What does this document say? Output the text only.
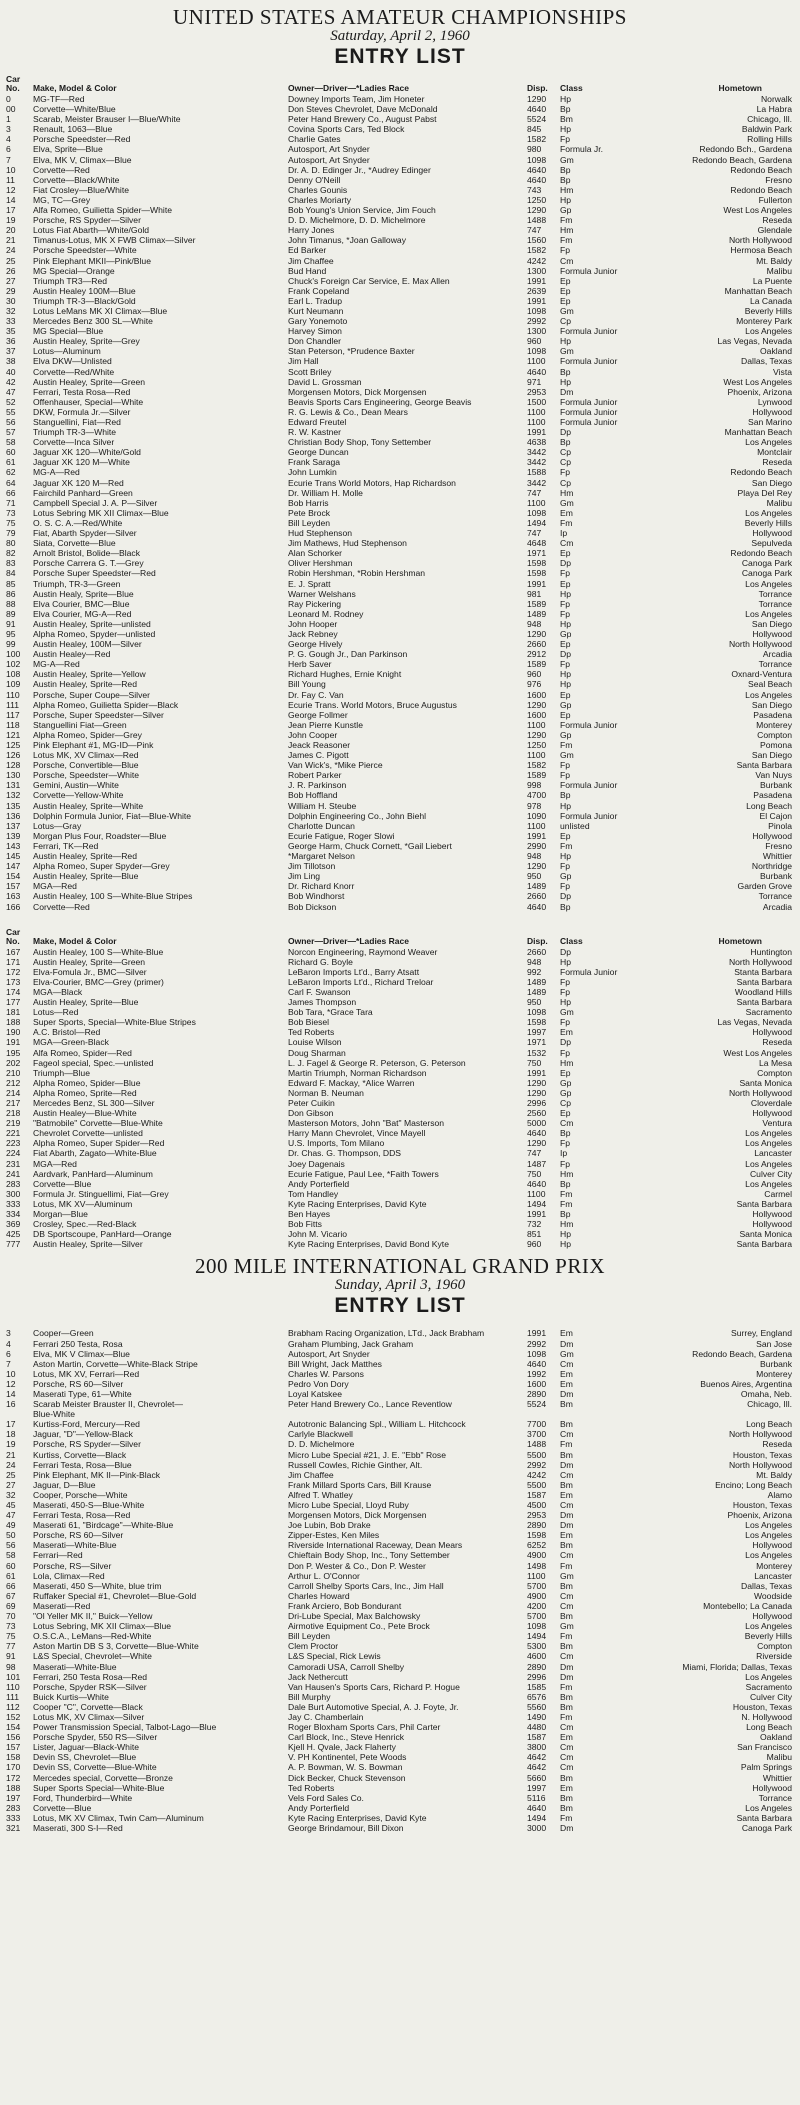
UNITED STATES AMATEUR CHAMPIONSHIPS
Saturday, April 2, 1960
ENTRY LIST
Car
No.	Make, Model & Color	Owner—Driver—*Ladies Race	Disp.	Class	Hometown
0	MG-TF—Red	Downey Imports Team, Jim Honeter	1290	Hp	Norwalk
00	Corvette—White/Blue	Don Steves Chevrolet, Dave McDonald	4640	Bp	La Habra
1	Scarab, Meister Brauser I—Blue/White	Peter Hand Brewery Co., August Pabst	5524	Bm	Chicago, Ill.
3	Renault, 1063—Blue	Covina Sports Cars, Ted Block	845	Hp	Baldwin Park
4	Porsche Speedster—Red	Charlie Gates	1582	Fp	Rolling Hills
6	Elva, Sprite—Blue	Autosport, Art Snyder	980	Formula Jr.	Redondo Bch., Gardena
7	Elva, MK V, Climax—Blue	Autosport, Art Snyder	1098	Gm	Redondo Beach, Gardena
10	Corvette—Red	Dr. A. D. Edinger Jr., *Audrey Edinger	4640	Bp	Redondo Beach
11	Corvette—Black/White	Denny O'Neill	4640	Bp	Fresno
12	Fiat Crosley—Blue/White	Charles Gounis	743	Hm	Redondo Beach
14	MG, TC—Grey	Charles Moriarty	1250	Hp	Fullerton
17	Alfa Romeo, Guilietta Spider—White	Bob Young's Union Service, Jim Fouch	1290	Gp	West Los Angeles
19	Porsche, RS Spyder—Silver	D. D. Michelmore, D. D. Michelmore	1488	Fm	Reseda
20	Lotus Fiat Abarth—White/Gold	Harry Jones	747	Hm	Glendale
21	Timanus-Lotus, MK X FWB Climax—Silver	John Timanus, *Joan Galloway	1560	Fm	North Hollywood
24	Porsche Speedster—White	Ed Barker	1582	Fp	Hermosa Beach
25	Pink Elephant MKII—Pink/Blue	Jim Chaffee	4242	Cm	Mt. Baldy
26	MG Special—Orange	Bud Hand	1300	Formula Junior	Malibu
27	Triumph TR3—Red	Chuck's Foreign Car Service, E. Max Allen	1991	Ep	La Puente
29	Austin Healey 100M—Blue	Frank Copeland	2639	Ep	Manhattan Beach
30	Triumph TR-3—Black/Gold	Earl L. Tradup	1991	Ep	La Canada
32	Lotus LeMans MK XI Climax—Blue	Kurt Neumann	1098	Gm	Beverly Hills
33	Mercedes Benz 300 SL—White	Gary Yonemoto	2992	Cp	Monterey Park
35	MG Special—Blue	Harvey Simon	1300	Formula Junior	Los Angeles
36	Austin Healey, Sprite—Grey	Don Chandler	960	Hp	Las Vegas, Nevada
37	Lotus—Aluminum	Stan Peterson, *Prudence Baxter	1098	Gm	Oakland
38	Elva DKW—Unlisted	Jim Hall	1100	Formula Junior	Dallas, Texas
40	Corvette—Red/White	Scott Briley	4640	Bp	Vista
42	Austin Healey, Sprite—Green	David L. Grossman	971	Hp	West Los Angeles
47	Ferrari, Testa Rosa—Red	Morgensen Motors, Dick Morgensen	2953	Dm	Phoenix, Arizona
52	Offenhauser, Special—White	Beavis Sports Cars Engineering, George Beavis	1500	Formula Junior	Lynwood
55	DKW, Formula Jr.—Silver	R. G. Lewis & Co., Dean Mears	1100	Formula Junior	Hollywood
56	Stanguellini, Fiat—Red	Edward Freutel	1100	Formula Junior	San Marino
57	Triumph TR-3—White	R. W. Kastner	1991	Dp	Manhattan Beach
58	Corvette—Inca Silver	Christian Body Shop, Tony Settember	4638	Bp	Los Angeles
60	Jaguar XK 120—White/Gold	George Duncan	3442	Cp	Montclair
61	Jaguar XK 120 M—White	Frank Saraga	3442	Cp	Reseda
62	MG-A—Red	John Lumkin	1588	Fp	Redondo Beach
64	Jaguar XK 120 M—Red	Ecurie Trans World Motors, Hap Richardson	3442	Cp	San Diego
66	Fairchild Panhard—Green	Dr. William H. Molle	747	Hm	Playa Del Rey
71	Campbell Special J. A. P—Silver	Bob Harris	1100	Gm	Malibu
73	Lotus Sebring MK XII Climax—Blue	Pete Brock	1098	Em	Los Angeles
75	O. S. C. A.—Red/White	Bill Leyden	1494	Fm	Beverly Hills
79	Fiat, Abarth Spyder—Silver	Hud Stephenson	747	Ip	Hollywood
80	Siata, Corvette—Blue	Jim Mathews, Hud Stephenson	4648	Cm	Sepulveda
82	Arnolt Bristol, Bolide—Black	Alan Schorker	1971	Ep	Redondo Beach
83	Porsche Carrera G. T.—Grey	Oliver Hershman	1598	Dp	Canoga Park
84	Porsche Super Speedster—Red	Robin Hershman, *Robin Hershman	1598	Fp	Canoga Park
85	Triumph, TR-3—Green	E. J. Spratt	1991	Ep	Los Angeles
86	Austin Healy, Sprite—Blue	Warner Welshans	981	Hp	Torrance
88	Elva Courier, BMC—Blue	Ray Pickering	1589	Fp	Torrance
89	Elva Courier, MG-A—Red	Leonard M. Rodney	1489	Fp	Los Angeles
91	Austin Healey, Sprite—unlisted	John Hooper	948	Hp	San Diego
95	Alpha Romeo, Spyder—unlisted	Jack Rebney	1290	Gp	Hollywood
99	Austin Healey, 100M—Silver	George Hively	2660	Ep	North Hollywood
100	Austin Healey—Red	P. G. Gough Jr., Dan Parkinson	2912	Dp	Arcadia
102	MG-A—Red	Herb Saver	1589	Fp	Torrance
108	Austin Healey, Sprite—Yellow	Richard Hughes, Ernie Knight	960	Hp	Oxnard-Ventura
109	Austin Healey, Sprite—Red	Bill Young	976	Hp	Seal Beach
110	Porsche, Super Coupe—Silver	Dr. Fay C. Van	1600	Ep	Los Angeles
111	Alpha Romeo, Guilietta Spider—Black	Ecurie Trans. World Motors, Bruce Augustus	1290	Gp	San Diego
117	Porsche, Super Speedster—Silver	George Follmer	1600	Ep	Pasadena
118	Stanguellini Fiat—Green	Jean Pierre Kunstle	1100	Formula Junior	Monterey
121	Alpha Romeo, Spider—Grey	John Cooper	1290	Gp	Compton
125	Pink Elephant #1, MG-ID—Pink	Jeack Reasoner	1250	Fm	Pomona
126	Lotus MK, XV Climax—Red	James C. Pigott	1100	Gm	San Diego
128	Porsche, Convertible—Blue	Van Wick's, *Mike Pierce	1582	Fp	Santa Barbara
130	Porsche, Speedster—White	Robert Parker	1589	Fp	Van Nuys
131	Gemini, Austin—White	J. R. Parkinson	998	Formula Junior	Burbank
132	Corvette—Yellow-White	Bob Hoffland	4700	Bp	Pasadena
135	Austin Healey, Sprite—White	William H. Steube	978	Hp	Long Beach
136	Dolphin Formula Junior, Fiat—Blue-White	Dolphin Engineering Co., John Biehl	1090	Formula Junior	El Cajon
137	Lotus—Gray	Charlotte Duncan	1100	unlisted	Pinola
139	Morgan Plus Four, Roadster—Blue	Ecurie Fatigue, Roger Slowi	1991	Ep	Hollywood
143	Ferrari, TK—Red	George Harm, Chuck Cornett, *Gail Liebert	2990	Fm	Fresno
145	Austin Healey, Sprite—Red	*Margaret Nelson	948	Hp	Whittier
147	Alpha Romeo, Super Spyder—Grey	Jim Tillotson	1290	Fp	Northridge
154	Austin Healey, Sprite—Blue	Jim Ling	950	Gp	Burbank
157	MGA—Red	Dr. Richard Knorr	1489	Fp	Garden Grove
163	Austin Healey, 100 S—White-Blue Stripes	Bob Windhorst	2660	Dp	Torrance
166	Corvette—Red	Bob Dickson	4640	Bp	Arcadia
Car
No.	Make, Model & Color	Owner—Driver—*Ladies Race	Disp.	Class	Hometown
167	Austin Healey, 100 S—White-Blue	Norcon Engineering, Raymond Weaver	2660	Dp	Huntington
171	Austin Healey, Sprite—Green	Richard G. Boyle	948	Hp	North Hollywood
172	Elva-Fomula Jr., BMC—Silver	LeBaron Imports Lt'd., Barry Atsatt	992	Formula Junior	Stanta Barbara
173	Elva-Courier, BMC—Grey (primer)	LeBaron Imports Lt'd., Richard Treloar	1489	Fp	Santa Barbara
174	MGA—Black	Carl F. Swanson	1489	Fp	Woodland Hills
177	Austin Healey, Sprite—Blue	James Thompson	950	Hp	Santa Barbara
181	Lotus—Red	Bob Tara, *Grace Tara	1098	Gm	Sacramento
188	Super Sports, Special—White-Blue Stripes	Bob Biesel	1598	Fp	Las Vegas, Nevada
190	A.C. Bristol—Red	Ted Roberts	1997	Em	Hollywood
191	MGA—Green-Black	Louise Wilson	1971	Dp	Reseda
195	Alfa Romeo, Spider—Red	Doug Sharman	1532	Fp	West Los Angeles
202	Fageol special, Spec.—unlisted	L. J. Fagel & George R. Peterson, G. Peterson	750	Hm	La Mesa
210	Triumph—Blue	Martin Triumph, Norman Richardson	1991	Ep	Compton
212	Alpha Romeo, Spider—Blue	Edward F. Mackay, *Alice Warren	1290	Gp	Santa Monica
214	Alpha Romeo, Sprite—Red	Norman B. Neuman	1290	Gp	North Hollywood
217	Mercedes Benz, SL 300—Silver	Peter Cuikin	2996	Cp	Cloverdale
218	Austin Healey—Blue-White	Don Gibson	2560	Ep	Hollywood
219	"Batmobile" Corvette—Blue-White	Masterson Motors, John "Bat" Masterson	5000	Cm	Ventura
221	Chevrolet Corvette—unlisted	Harry Mann Chevrolet, Vince Mayell	4640	Bp	Los Angeles
223	Alpha Romeo, Super Spider—Red	U.S. Imports, Tom Milano	1290	Fp	Los Angeles
224	Fiat Abarth, Zagato—White-Blue	Dr. Chas. G. Thompson, DDS	747	Ip	Lancaster
231	MGA—Red	Joey Dagenais	1487	Fp	Los Angeles
241	Aardvark, PanHard—Aluminum	Ecurie Fatigue, Paul Lee, *Faith Towers	750	Hm	Culver City
283	Corvette—Blue	Andy Porterfield	4640	Bp	Los Angeles
300	Formula Jr. Stinguellimi, Fiat—Grey	Tom Handley	1100	Fm	Carmel
333	Lotus, MK XV—Aluminum	Kyte Racing Enterprises, David Kyte	1494	Fm	Santa Barbara
334	Morgan—Blue	Ben Hayes	1991	Bp	Hollywood
369	Crosley, Spec.—Red-Black	Bob Fitts	732	Hm	Hollywood
425	DB Sportscoupe, PanHard—Orange	John M. Vicario	851	Hp	Santa Monica
777	Austin Healey, Sprite—Silver	Kyte Racing Enterprises, David Bond Kyte	960	Hp	Santa Barbara
200 MILE INTERNATIONAL GRAND PRIX
Sunday, April 3, 1960
ENTRY LIST
3	Cooper—Green	Brabham Racing Organization, LTd., Jack Brabham	1991	Em	Surrey, England
4	Ferrari 250 Testa, Rosa	Graham Plumbing, Jack Graham	2992	Dm	San Jose
6	Elva, MK V Climax—Blue	Autosport, Art Snyder	1098	Gm	Redondo Beach, Gardena
7	Aston Martin, Corvette—White-Black Stripe	Bill Wright, Jack Matthes	4640	Cm	Burbank
10	Lotus, MK XV, Ferrari—Red	Charles W. Parsons	1992	Em	Monterey
12	Porsche, RS 60—Silver	Pedro Von Dory	1600	Em	Buenos Aires, Argentina
14	Maserati Type, 61—White	Loyal Katskee	2890	Dm	Omaha, Neb.
16	Scarab Meister Brauster II, Chevrolet—	Peter Hand Brewery Co., Lance Reventlow	5524	Bm	Chicago, Ill.
Blue-White
17	Kurtiss-Ford, Mercury—Red	Autotronic Balancing Spl., William L. Hitchcock	7700	Bm	Long Beach
18	Jaguar, "D"—Yellow-Black	Carlyle Blackwell	3700	Cm	North Hollywood
19	Porsche, RS Spyder—Silver	D. D. Michelmore	1488	Fm	Reseda
21	Kurtiss, Corvette—Black	Micro Lube Special #21, J. E. "Ebb" Rose	5500	Bm	Houston, Texas
24	Ferrari Testa, Rosa—Blue	Russell Cowles, Richie Ginther, Alt.	2992	Dm	North Hollywood
25	Pink Elephant, MK II—Pink-Black	Jim Chaffee	4242	Cm	Mt. Baldy
27	Jaguar, D—Blue	Frank Millard Sports Cars, Bill Krause	5500	Bm	Encino; Long Beach
32	Cooper, Porsche—White	Alfred T. Whatley	1587	Em	Alamo
45	Maserati, 450-S—Blue-White	Micro Lube Special, Lloyd Ruby	4500	Cm	Houston, Texas
47	Ferrari Testa, Rosa—Red	Morgensen Motors, Dick Morgensen	2953	Dm	Phoenix, Arizona
49	Maserati 61, "Birdcage"—White-Blue	Joe Lubin, Bob Drake	2890	Dm	Los Angeles
50	Porsche, RS 60—Silver	Zipper-Estes, Ken Miles	1598	Em	Los Angeles
56	Maserati—White-Blue	Riverside International Raceway, Dean Mears	6252	Bm	Hollywood
58	Ferrari—Red	Chieftain Body Shop, Inc., Tony Settember	4900	Cm	Los Angeles
60	Porsche, RS—Silver	Don P. Wester & Co., Don P. Wester	1498	Fm	Monterey
61	Lola, Climax—Red	Arthur L. O'Connor	1100	Gm	Lancaster
66	Maserati, 450 S—White, blue trim	Carroll Shelby Sports Cars, Inc., Jim Hall	5700	Bm	Dallas, Texas
67	Ruffaker Special #1, Chevrolet—Blue-Gold	Charles Howard	4900	Cm	Woodside
69	Maserati—Red	Frank Arciero, Bob Bondurant	4200	Cm	Montebello; La Canada
70	"Ol Yeller MK II," Buick—Yellow	Dri-Lube Special, Max Balchowsky	5700	Bm	Hollywood
73	Lotus Sebring, MK XII Climax—Blue	Airmotive Equipment Co., Pete Brock	1098	Gm	Los Angeles
75	O.S.C.A., LeMans—Red-White	Bill Leyden	1494	Fm	Beverly Hills
77	Aston Martin DB S 3, Corvette—Blue-White	Clem Proctor	5300	Bm	Compton
91	L&S Special, Chevrolet—White	L&S Special, Rick Lewis	4600	Cm	Riverside
98	Maserati—White-Blue	Camoradi USA, Carroll Shelby	2890	Dm	Miami, Florida; Dallas, Texas
101	Ferrari, 250 Testa Rosa—Red	Jack Nethercutt	2996	Dm	Los Angeles
110	Porsche, Spyder RSK—Silver	Van Hausen's Sports Cars, Richard P. Hogue	1585	Fm	Sacramento
111	Buick Kurtis—White	Bill Murphy	6576	Bm	Culver City
112	Cooper "C", Corvette—Black	Dale Burt Automotive Special, A. J. Foyte, Jr.	5560	Bm	Houston, Texas
152	Lotus MK, XV Climax—Silver	Jay C. Chamberlain	1490	Fm	N. Hollywood
154	Power Transmission Special, Talbot-Lago—Blue	Roger Bloxham Sports Cars, Phil Carter	4480	Cm	Long Beach
156	Porsche Spyder, 550 RS—Silver	Carl Block, Inc., Steve Henrick	1587	Em	Oakland
157	Lister, Jaguar—Black-White	Kjell H. Qvale, Jack Flaherty	3800	Cm	San Francisco
158	Devin SS, Chevrolet—Blue	V. PH Kontinentel, Pete Woods	4642	Cm	Malibu
170	Devin SS, Corvette—Blue-White	A. P. Bowman, W. S. Bowman	4642	Cm	Palm Springs
172	Mercedes special, Corvette—Bronze	Dick Becker, Chuck Stevenson	5660	Bm	Whittier
188	Super Sports Special—White-Blue	Ted Roberts	1997	Em	Hollywood
197	Ford, Thunderbird—White	Vels Ford Sales Co.	5116	Bm	Torrance
283	Corvette—Blue	Andy Porterfield	4640	Bm	Los Angeles
333	Lotus, MK XV Climax, Twin Cam—Aluminum	Kyte Racing Enterprises, David Kyte	1494	Fm	Santa Barbara
321	Maserati, 300 S-I—Red	George Brindamour, Bill Dixon	3000	Dm	Canoga Park
